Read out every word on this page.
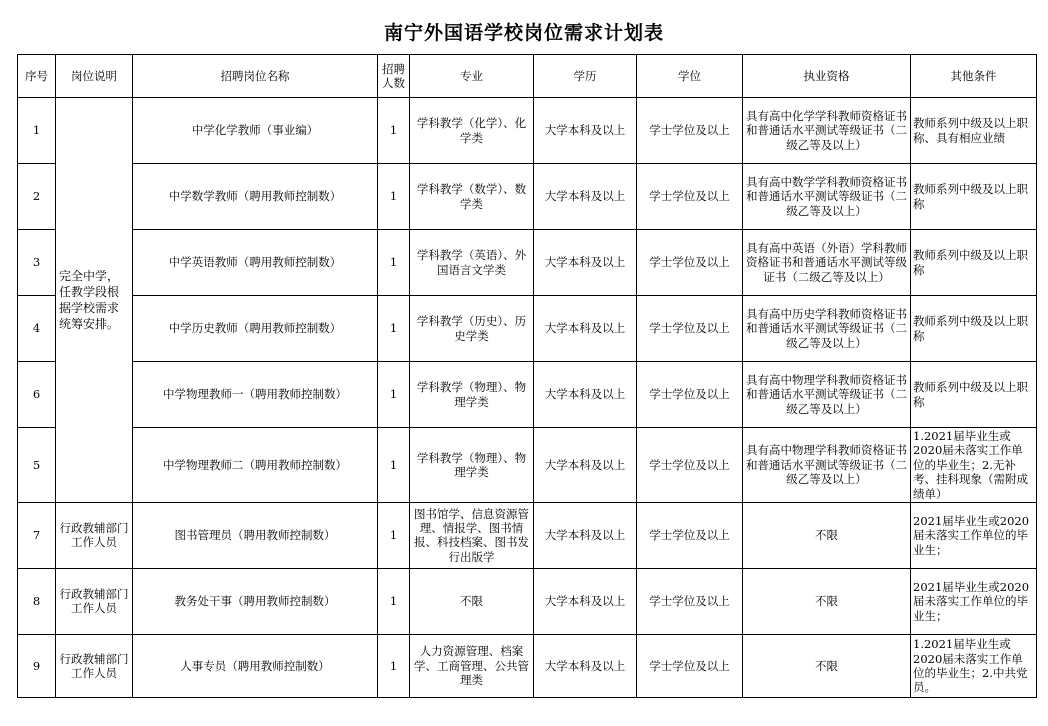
南宁外国语学校岗位需求计划表
序号	岗位说明	招聘岗位名称	招聘人数	专业	学历	学位	执业资格	其他条件
1	完全中学，任教学段根据学校需求统筹安排。	中学化学教师（事业编）	1	学科教学（化学）、化学类	大学本科及以上	学士学位及以上	具有高中化学学科教师资格证书和普通话水平测试等级证书（二级乙等及以上）	教师系列中级及以上职称、具有相应业绩
2		中学数学教师（聘用教师控制数）	1	学科教学（数学）、数学类	大学本科及以上	学士学位及以上	具有高中数学学科教师资格证书和普通话水平测试等级证书（二级乙等及以上）	教师系列中级及以上职称
3		中学英语教师（聘用教师控制数）	1	学科教学（英语）、外国语言文学类	大学本科及以上	学士学位及以上	具有高中英语（外语）学科教师资格证书和普通话水平测试等级证书（二级乙等及以上）	教师系列中级及以上职称
4		中学历史教师（聘用教师控制数）	1	学科教学（历史）、历史学类	大学本科及以上	学士学位及以上	具有高中历史学科教师资格证书和普通话水平测试等级证书（二级乙等及以上）	教师系列中级及以上职称
6		中学物理教师一（聘用教师控制数）	1	学科教学（物理）、物理学类	大学本科及以上	学士学位及以上	具有高中物理学科教师资格证书和普通话水平测试等级证书（二级乙等及以上）	教师系列中级及以上职称
5		中学物理教师二（聘用教师控制数）	1	学科教学（物理）、物理学类	大学本科及以上	学士学位及以上	具有高中物理学科教师资格证书和普通话水平测试等级证书（二级乙等及以上）	1.2021届毕业生或2020届未落实工作单位的毕业生；2.无补考、挂科现象（需附成绩单）
7	行政教辅部门工作人员	图书管理员（聘用教师控制数）	1	图书馆学、信息资源管理、情报学、图书情报、科技档案、图书发行出版学	大学本科及以上	学士学位及以上	不限	2021届毕业生或2020届未落实工作单位的毕业生；
8	行政教辅部门工作人员	教务处干事（聘用教师控制数）	1	不限	大学本科及以上	学士学位及以上	不限	2021届毕业生或2020届未落实工作单位的毕业生；
9	行政教辅部门工作人员	人事专员（聘用教师控制数）	1	人力资源管理、档案学、工商管理、公共管理类	大学本科及以上	学士学位及以上	不限	1.2021届毕业生或2020届未落实工作单位的毕业生；2.中共党员。
